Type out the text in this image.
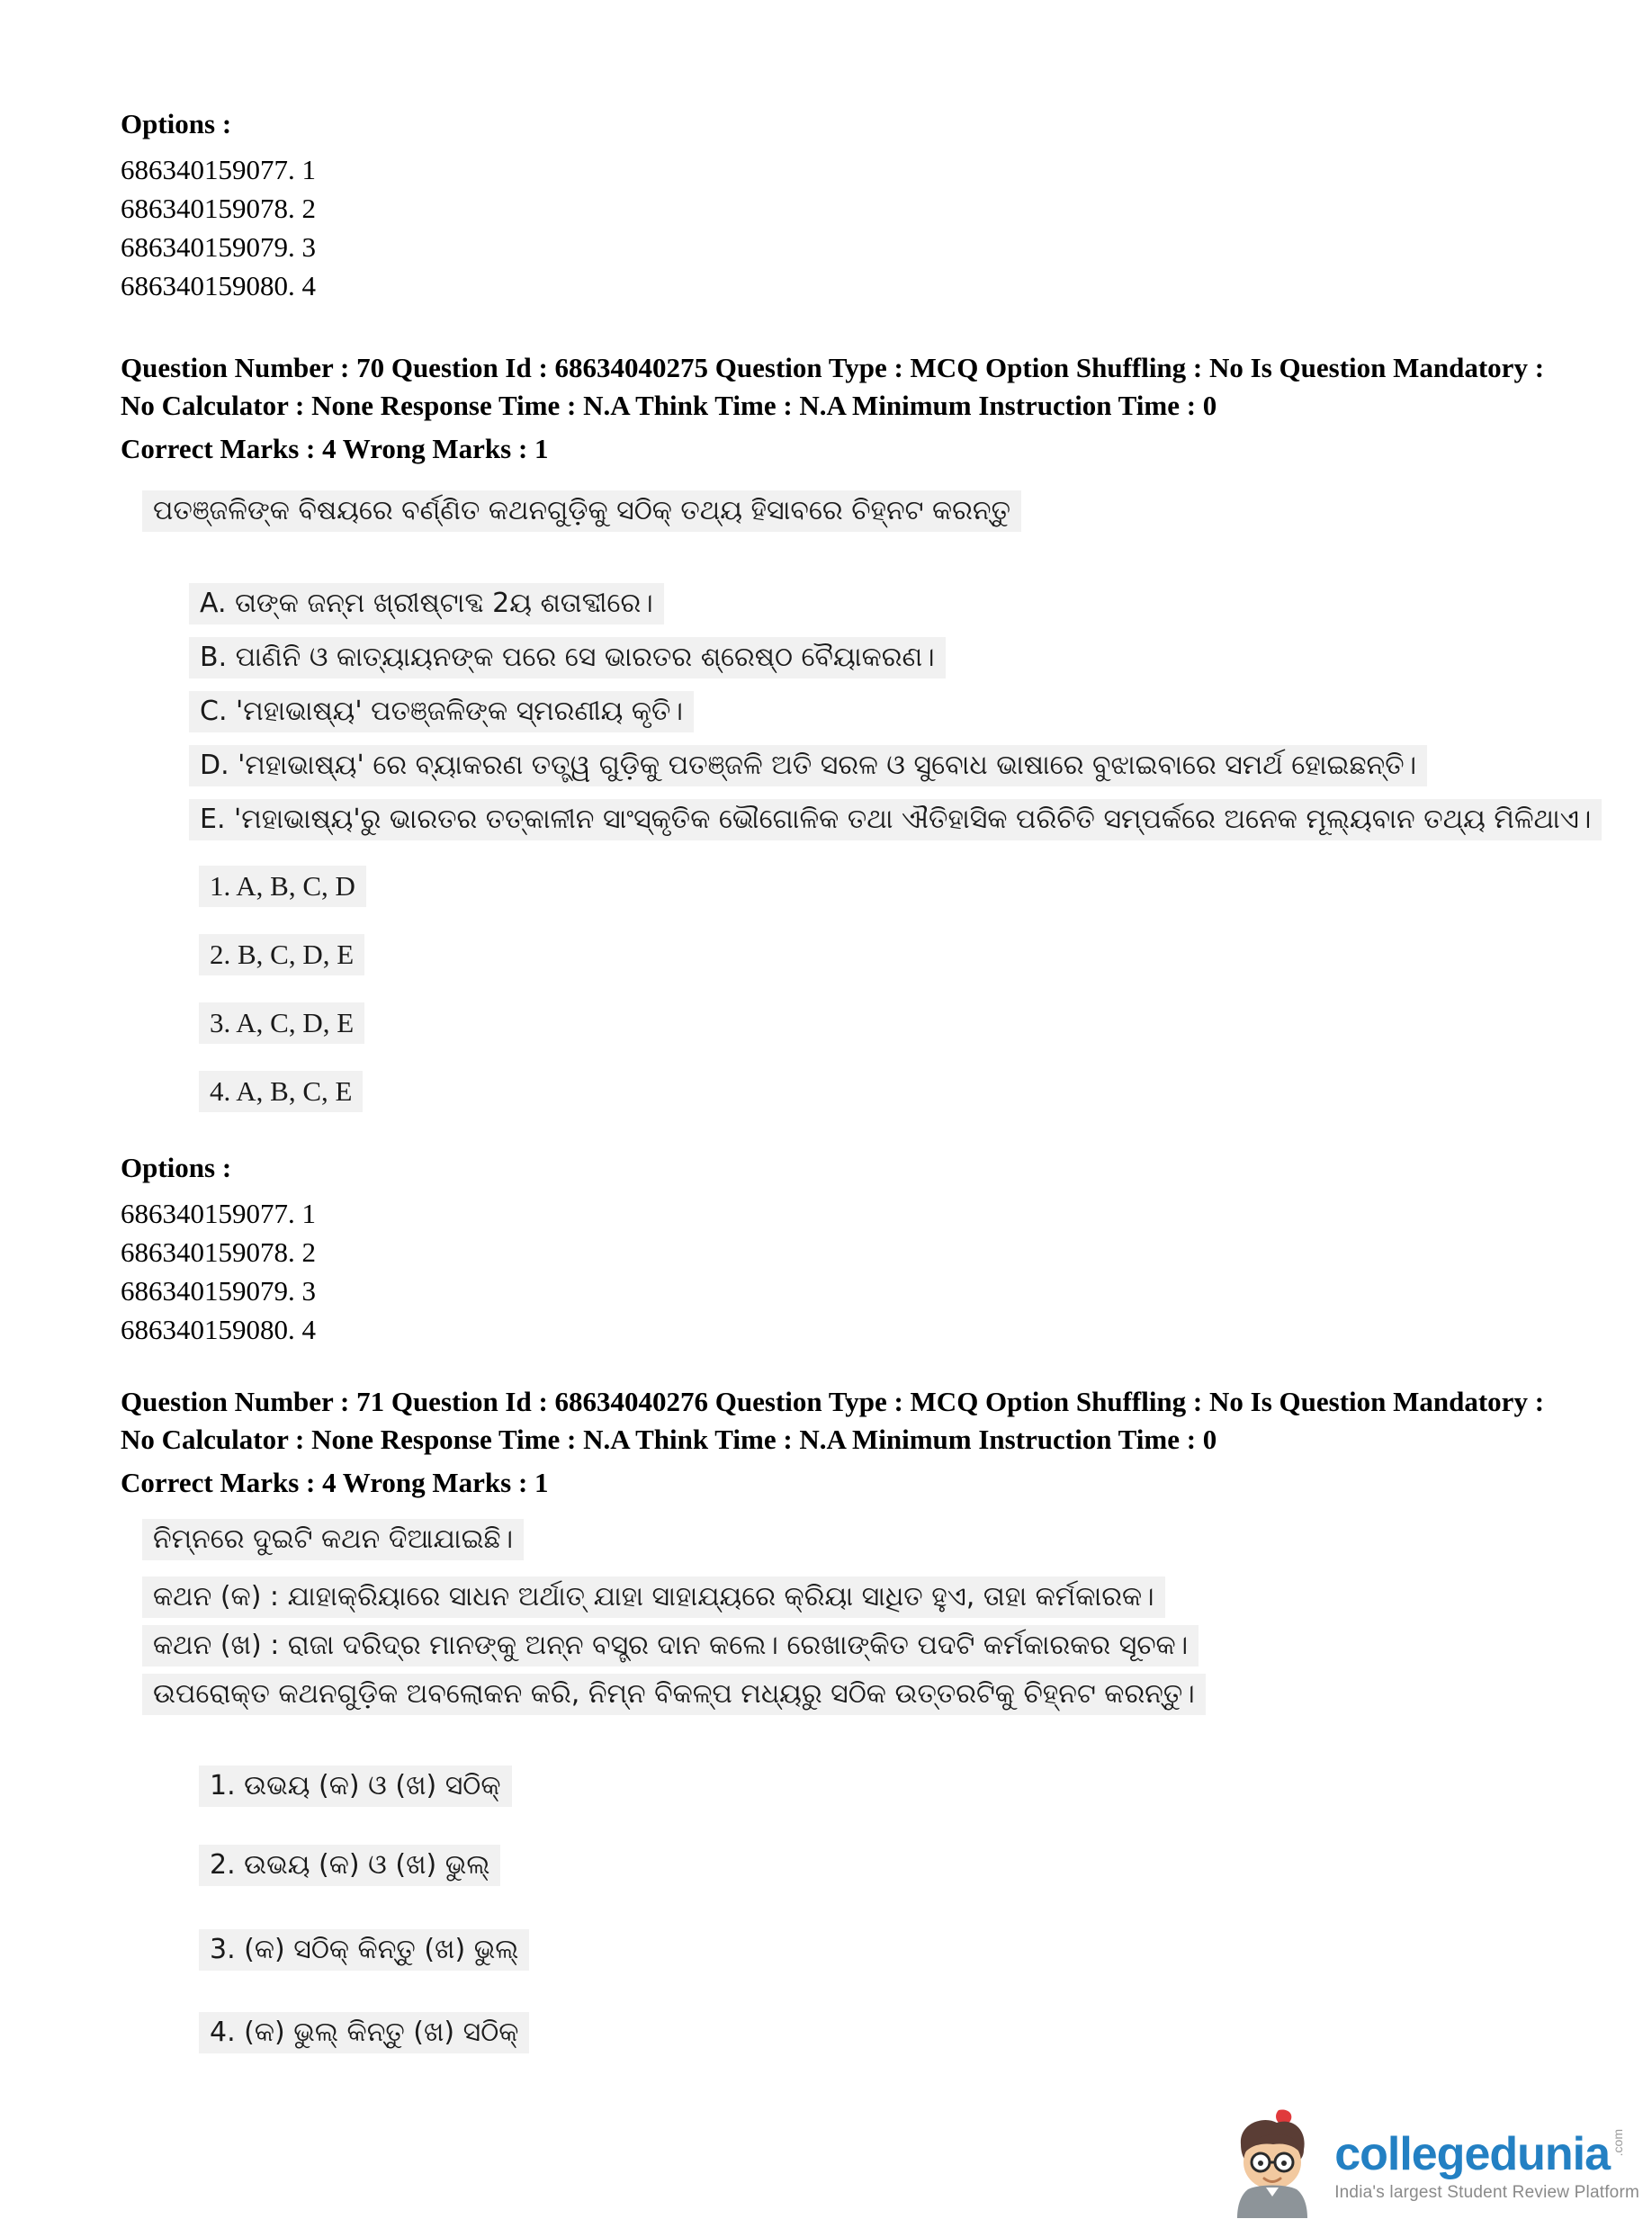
Options :
686340159077. 1
686340159078. 2
686340159079. 3
686340159080. 4
Question Number : 70 Question Id : 68634040275 Question Type : MCQ Option Shuffling : No Is Question Mandatory :
No Calculator : None Response Time : N.A Think Time : N.A Minimum Instruction Time : 0
Correct Marks : 4 Wrong Marks : 1
ପତଞ୍ଜଳିଙ୍କ ବିଷୟରେ ବର୍ଣ୍ଣିତ କଥନଗୁଡ଼ିକୁ ସଠିକ୍ ତଥ୍ୟ ହିସାବରେ ଚିହ୍ନଟ କରନ୍ତୁ
A. ତାଙ୍କ ଜନ୍ମ ଖ୍ରୀଷ୍ଟାବ୍ଦ 2ୟ ଶତାବ୍ଦୀରେ।
B. ପାଣିନି ଓ କାତ୍ୟାୟନଙ୍କ ପରେ ସେ ଭାରତର ଶ୍ରେଷ୍ଠ ବୈୟାକରଣ।
C. 'ମହାଭାଷ୍ୟ' ପତଞ୍ଜଳିଙ୍କ ସ୍ମରଣୀୟ କୃତି।
D. 'ମହାଭାଷ୍ୟ' ରେ ବ୍ୟାକରଣ ତତ୍ତ୍ୱ ଗୁଡ଼ିକୁ ପତଞ୍ଜଳି ଅତି ସରଳ ଓ ସୁବୋଧ ଭାଷାରେ ବୁଝାଇବାରେ ସମର୍ଥ ହୋଇଛନ୍ତି।
E. 'ମହାଭାଷ୍ୟ'ରୁ ଭାରତର ତତ୍କାଳୀନ ସାଂସ୍କୃତିକ ଭୌଗୋଳିକ ତଥା ଐତିହାସିକ ପରିଚିତି ସମ୍ପର୍କରେ ଅନେକ ମୂଲ୍ୟବାନ ତଥ୍ୟ ମିଳିଥାଏ।
1. A, B, C, D
2. B, C, D, E
3. A, C, D, E
4. A, B, C, E
Options :
686340159077. 1
686340159078. 2
686340159079. 3
686340159080. 4
Question Number : 71 Question Id : 68634040276 Question Type : MCQ Option Shuffling : No Is Question Mandatory :
No Calculator : None Response Time : N.A Think Time : N.A Minimum Instruction Time : 0
Correct Marks : 4 Wrong Marks : 1
ନିମ୍ନରେ ଦୁଇଟି କଥନ ଦିଆଯାଇଛି।
କଥନ (କ) : ଯାହାକ୍ରିୟାରେ ସାଧନ ଅର୍ଥାତ୍ ଯାହା ସାହାଯ୍ୟରେ କ୍ରିୟା ସାଧିତ ହୁଏ, ତାହା କର୍ମକାରକ।
କଥନ (ଖ) : ରାଜା ଦରିଦ୍ର ମାନଙ୍କୁ ଅନ୍ନ ବସ୍ତ୍ର ଦାନ କଲେ। ରେଖାଙ୍କିତ ପଦଟି କର୍ମକାରକର ସୂଚକ।
ଉପରୋକ୍ତ କଥନଗୁଡ଼ିକ ଅବଲୋକନ କରି, ନିମ୍ନ ବିକଳ୍ପ ମଧ୍ୟରୁ ସଠିକ ଉତ୍ତରଟିକୁ ଚିହ୍ନଟ କରନ୍ତୁ।
1. ଉଭୟ (କ) ଓ (ଖ) ସଠିକ୍
2. ଉଭୟ (କ) ଓ (ଖ) ଭୁଲ୍
3. (କ) ସଠିକ୍ କିନ୍ତୁ (ଖ) ଭୁଲ୍
4. (କ) ଭୁଲ୍ କିନ୍ତୁ (ଖ) ସଠିକ୍
collegedunia .com
India's largest Student Review Platform
